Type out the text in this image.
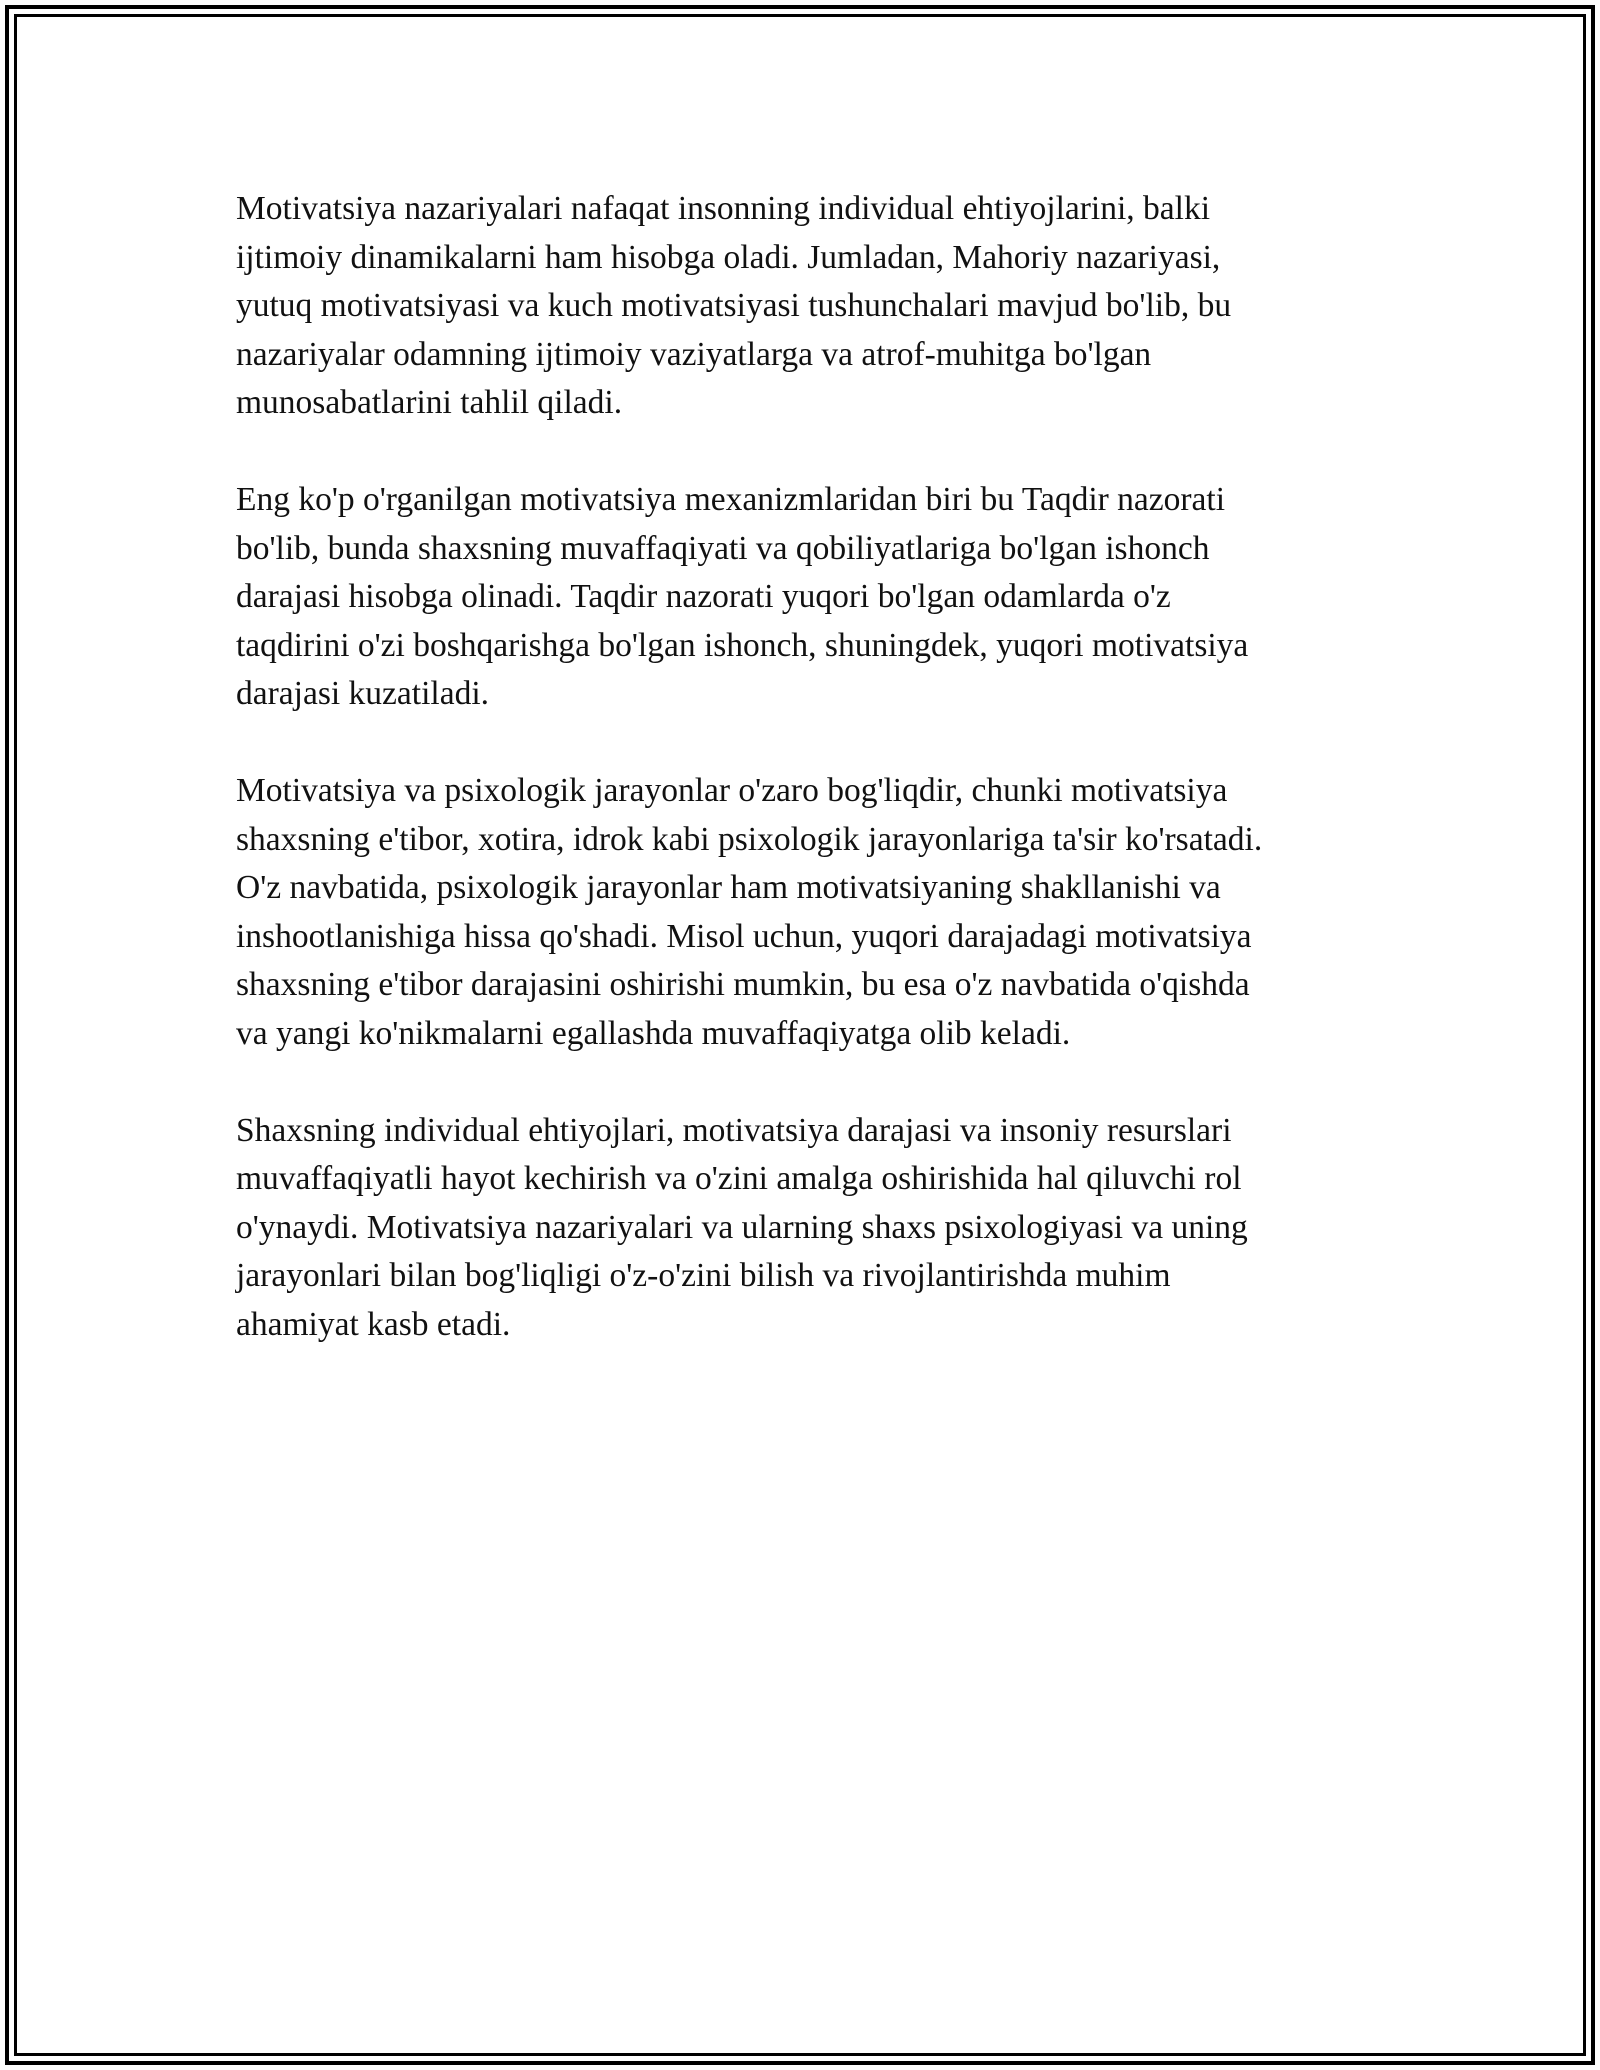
Motivatsiya nazariyalari nafaqat insonning individual ehtiyojlarini, balki
ijtimoiy dinamikalarni ham hisobga oladi. Jumladan, Mahoriy nazariyasi,
yutuq motivatsiyasi va kuch motivatsiyasi tushunchalari mavjud bo'lib, bu
nazariyalar odamning ijtimoiy vaziyatlarga va atrof-muhitga bo'lgan
munosabatlarini tahlil qiladi.

Eng ko'p o'rganilgan motivatsiya mexanizmlaridan biri bu Taqdir nazorati
bo'lib, bunda shaxsning muvaffaqiyati va qobiliyatlariga bo'lgan ishonch
darajasi hisobga olinadi. Taqdir nazorati yuqori bo'lgan odamlarda o'z
taqdirini o'zi boshqarishga bo'lgan ishonch, shuningdek, yuqori motivatsiya
darajasi kuzatiladi.

Motivatsiya va psixologik jarayonlar o'zaro bog'liqdir, chunki motivatsiya
shaxsning e'tibor, xotira, idrok kabi psixologik jarayonlariga ta'sir ko'rsatadi.
O'z navbatida, psixologik jarayonlar ham motivatsiyaning shakllanishi va
inshootlanishiga hissa qo'shadi. Misol uchun, yuqori darajadagi motivatsiya
shaxsning e'tibor darajasini oshirishi mumkin, bu esa o'z navbatida o'qishda
va yangi ko'nikmalarni egallashda muvaffaqiyatga olib keladi.

Shaxsning individual ehtiyojlari, motivatsiya darajasi va insoniy resurslari
muvaffaqiyatli hayot kechirish va o'zini amalga oshirishida hal qiluvchi rol
o'ynaydi. Motivatsiya nazariyalari va ularning shaxs psixologiyasi va uning
jarayonlari bilan bog'liqligi o'z-o'zini bilish va rivojlantirishda muhim
ahamiyat kasb etadi.
